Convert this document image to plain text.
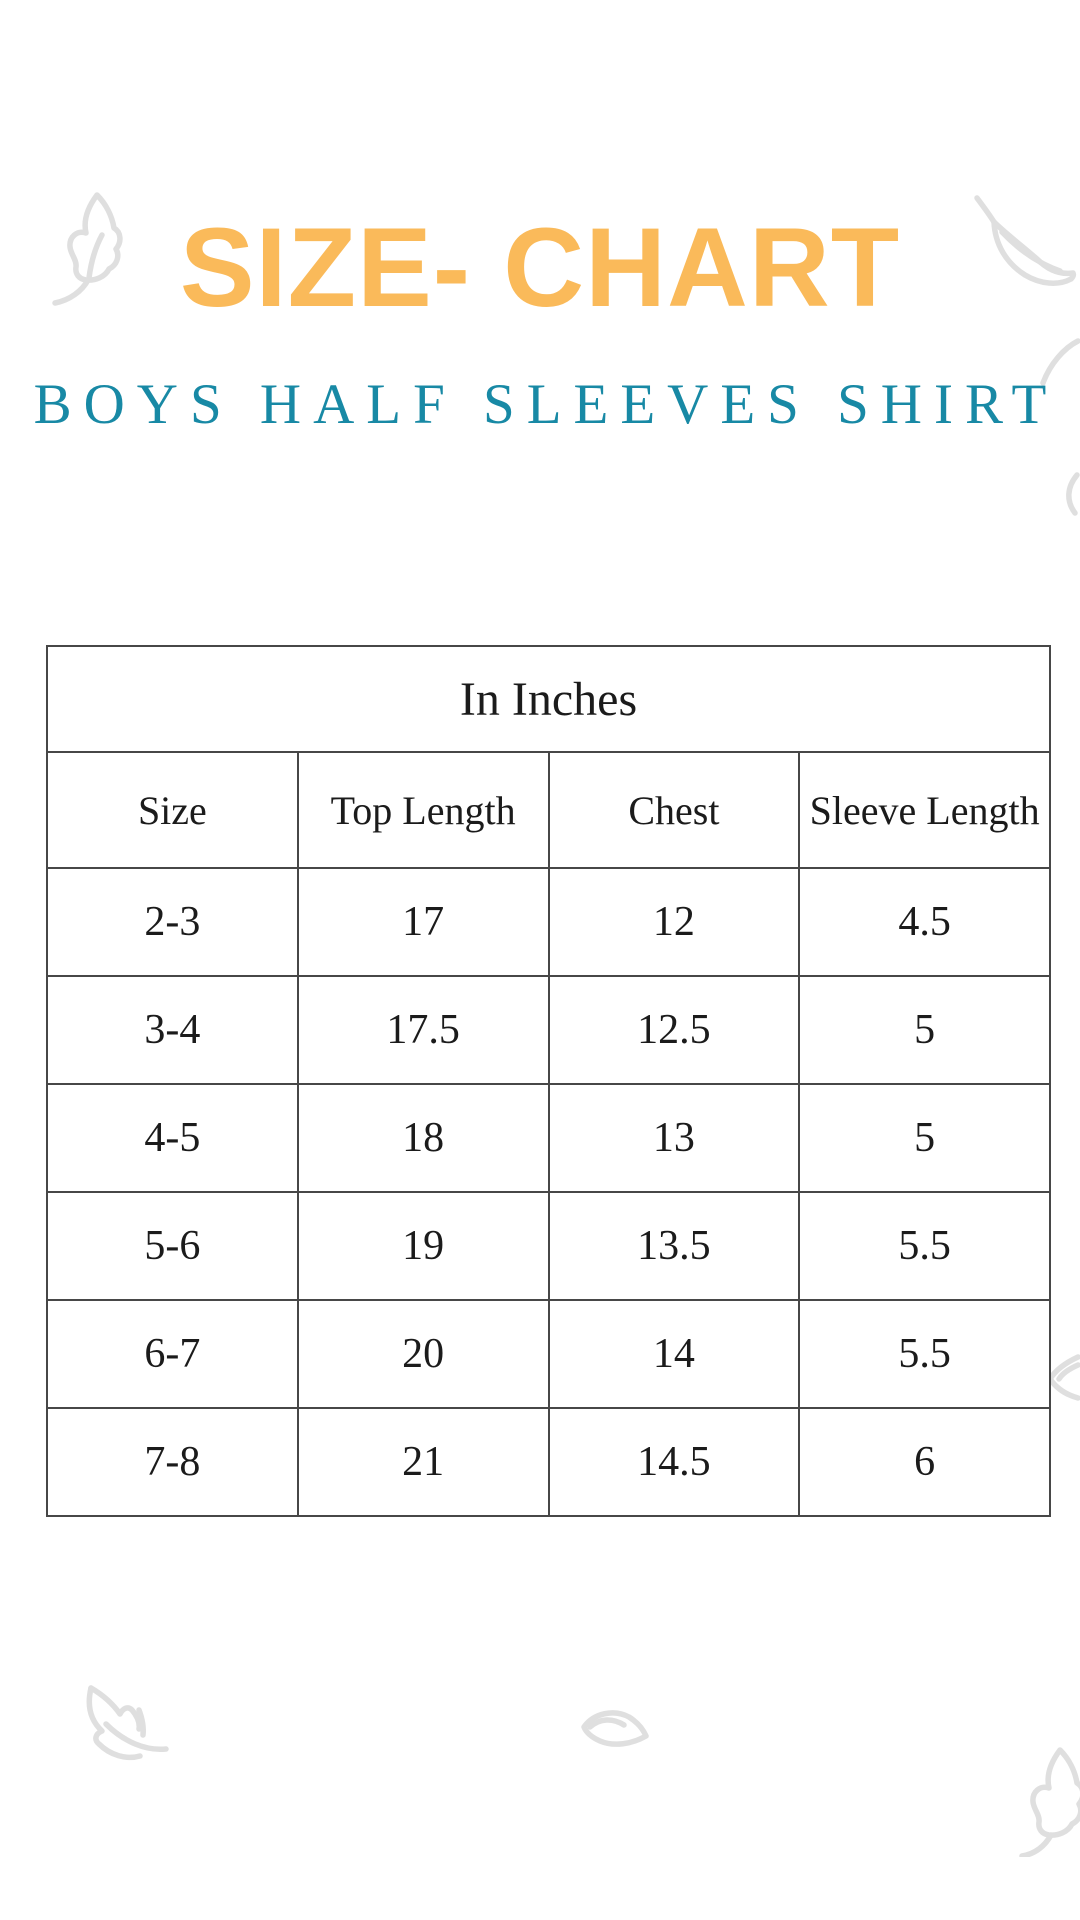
SIZE- CHART
BOYS HALF SLEEVES SHIRT
In Inches			
Size	Top Length	Chest	Sleeve Length
2-3	17	12	4.5
3-4	17.5	12.5	5
4-5	18	13	5
5-6	19	13.5	5.5
6-7	20	14	5.5
7-8	21	14.5	6
